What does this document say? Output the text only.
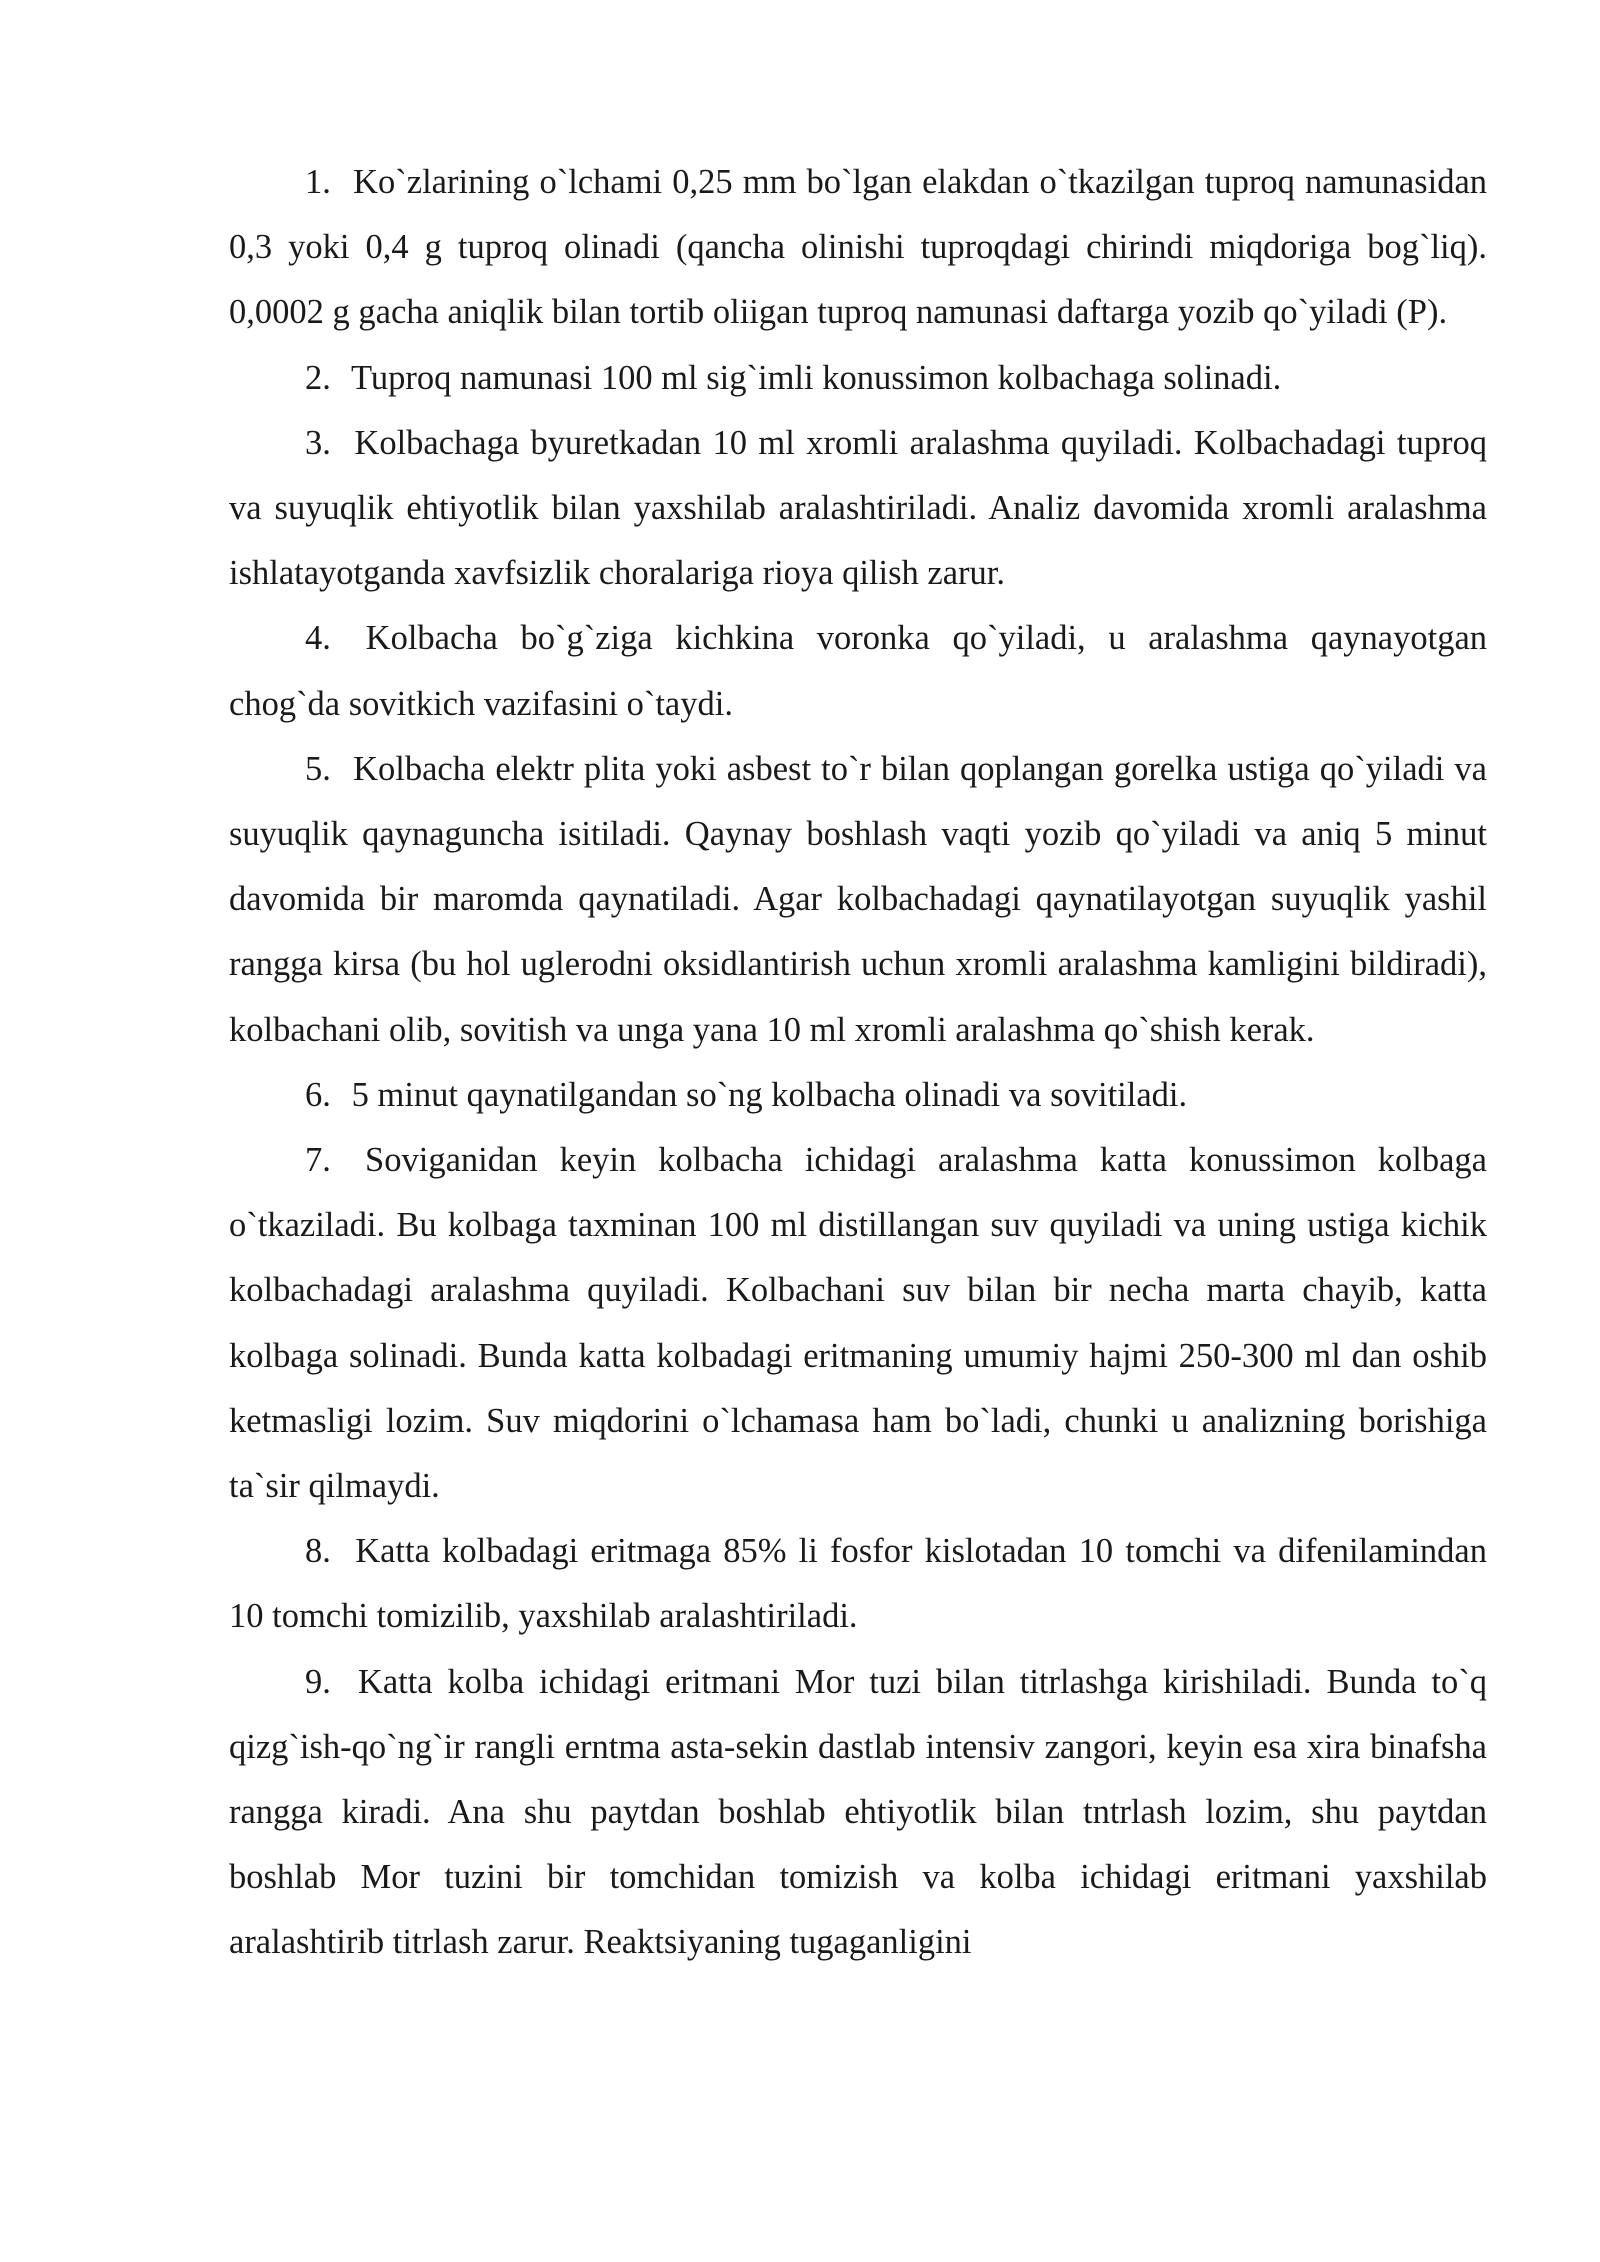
1. Ko`zlarining o`lchami 0,25 mm bo`lgan elakdan o`tkazilgan tuproq namunasidan 0,3 yoki 0,4 g tuproq olinadi (qancha olinishi tuproqdagi chirindi miqdoriga bog`liq). 0,0002 g gacha aniqlik bilan tortib oliigan tuproq namunasi daftarga yozib qo`yiladi (P).

2. Tuproq namunasi 100 ml sig`imli konussimon kolbachaga solinadi.

3. Kolbachaga byuretkadan 10 ml xromli aralashma quyiladi. Kolbachadagi tuproq va suyuqlik ehtiyotlik bilan yaxshilab aralashtiriladi. Analiz davomida xromli aralashma ishlatayotganda xavfsizlik choralariga rioya qilish zarur.

4. Kolbacha bo`g`ziga kichkina voronka qo`yiladi, u aralashma qaynayotgan chog`da sovitkich vazifasini o`taydi.

5. Kolbacha elektr plita yoki asbest to`r bilan qoplangan gorelka ustiga qo`yiladi va suyuqlik qaynaguncha isitiladi. Qaynay boshlash vaqti yozib qo`yiladi va aniq 5 minut davomida bir maromda qaynatiladi. Agar kolbachadagi qaynatilayotgan suyuqlik yashil rangga kirsa (bu hol uglerodni oksidlantirish uchun xromli aralashma kamligini bildiradi), kolbachani olib, sovitish va unga yana 10 ml xromli aralashma qo`shish kerak.

6. 5 minut qaynatilgandan so`ng kolbacha olinadi va sovitiladi.

7. Soviganidan keyin kolbacha ichidagi aralashma katta konussimon kolbaga o`tkaziladi. Bu kolbaga taxminan 100 ml distillangan suv quyiladi va uning ustiga kichik kolbachadagi aralashma quyiladi. Kolbachani suv bilan bir necha marta chayib, katta kolbaga solinadi. Bunda katta kolbadagi eritmaning umumiy hajmi 250-300 ml dan oshib ketmasligi lozim. Suv miqdorini o`lchamasa ham bo`ladi, chunki u analizning borishiga ta`sir qilmaydi.

8. Katta kolbadagi eritmaga 85% li fosfor kislotadan 10 tomchi va difenilamindan 10 tomchi tomizilib, yaxshilab aralashtiriladi.

9. Katta kolba ichidagi eritmani Mor tuzi bilan titrlashga kirishiladi. Bunda to`q qizg`ish-qo`ng`ir rangli erntma asta-sekin dastlab intensiv zangori, keyin esa xira binafsha rangga kiradi. Ana shu paytdan boshlab ehtiyotlik bilan tntrlash lozim, shu paytdan boshlab Mor tuzini bir tomchidan tomizish va kolba ichidagi eritmani yaxshilab aralashtirib titrlash zarur. Reaktsiyaning tugaganligini
